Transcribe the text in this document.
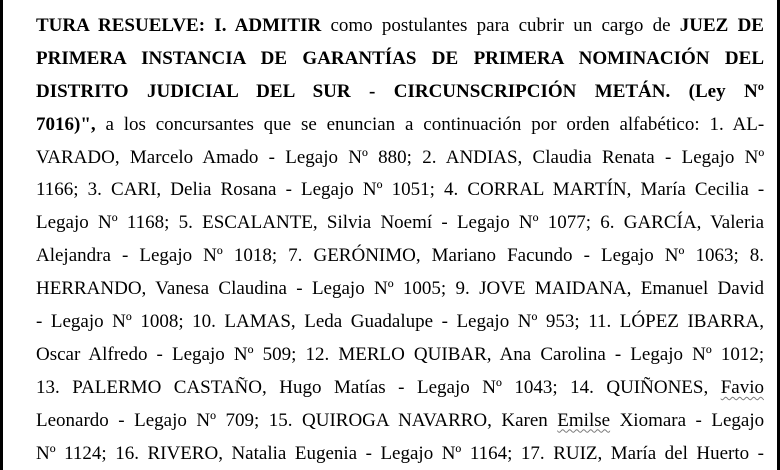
TURA RESUELVE: I. ADMITIR como postulantes para cubrir un cargo de JUEZ DE
PRIMERA INSTANCIA DE GARANTÍAS DE PRIMERA NOMINACIÓN DEL
DISTRITO JUDICIAL DEL SUR - CIRCUNSCRIPCIÓN METÁN. (Ley Nº
7016)", a los concursantes que se enuncian a continuación por orden alfabético: 1. AL-
VARADO, Marcelo Amado - Legajo Nº 880; 2. ANDIAS, Claudia Renata - Legajo Nº
1166; 3. CARI, Delia Rosana - Legajo Nº 1051; 4. CORRAL MARTÍN, María Cecilia -
Legajo Nº 1168; 5. ESCALANTE, Silvia Noemí - Legajo Nº 1077; 6. GARCÍA, Valeria
Alejandra - Legajo Nº 1018; 7. GERÓNIMO, Mariano Facundo - Legajo Nº 1063; 8.
HERRANDO, Vanesa Claudina - Legajo Nº 1005; 9. JOVE MAIDANA, Emanuel David
- Legajo Nº 1008; 10. LAMAS, Leda Guadalupe - Legajo Nº 953; 11. LÓPEZ IBARRA,
Oscar Alfredo - Legajo Nº 509; 12. MERLO QUIBAR, Ana Carolina - Legajo Nº 1012;
13. PALERMO CASTAÑO, Hugo Matías - Legajo Nº 1043; 14. QUIÑONES, Favio
Leonardo - Legajo Nº 709; 15. QUIROGA NAVARRO, Karen Emilse Xiomara - Legajo
Nº 1124; 16. RIVERO, Natalia Eugenia - Legajo Nº 1164; 17. RUIZ, María del Huerto -
